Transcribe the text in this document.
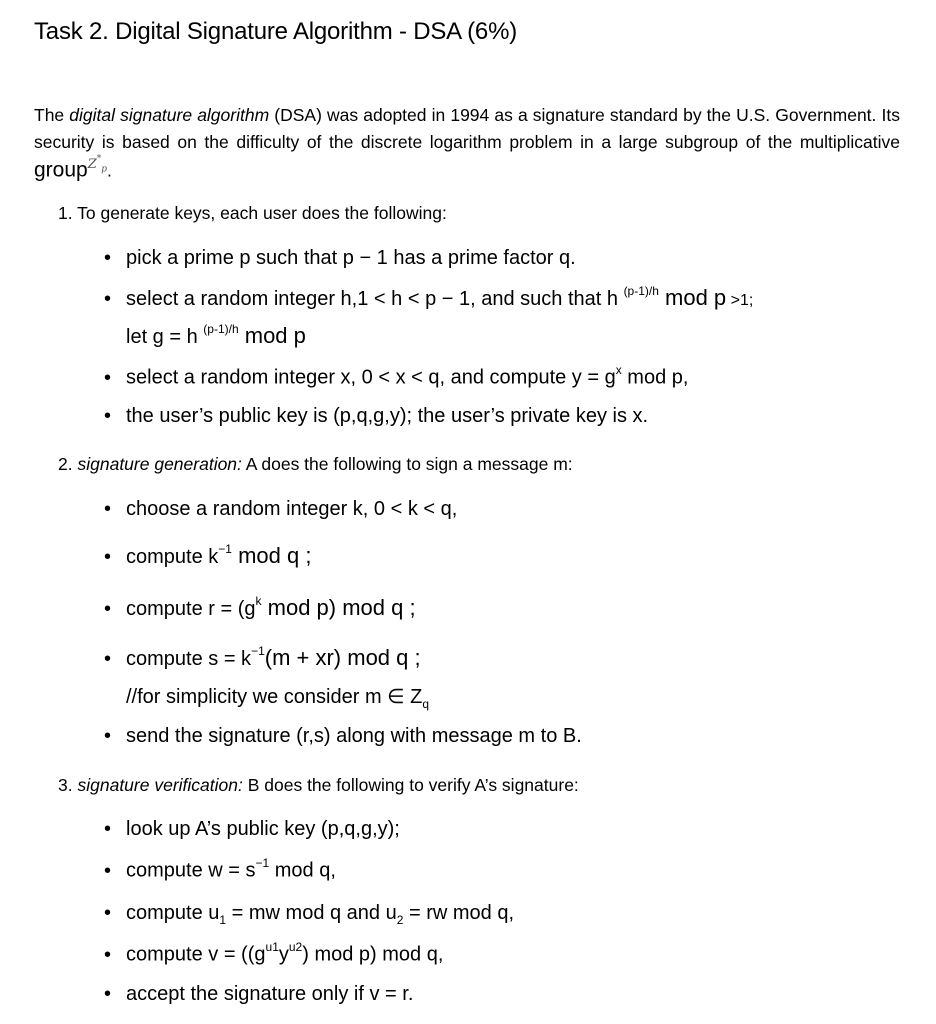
Task 2. Digital Signature Algorithm - DSA (6%)
The digital signature algorithm (DSA) was adopted in 1994 as a signature standard by the U.S. Government. Its security is based on the difficulty of the discrete logarithm problem in a large subgroup of the multiplicative group$^{Z^*_p}$.
1. To generate keys, each user does the following:
• pick a prime p such that p − 1 has a prime factor q.
• select a random integer h,1 < h < p − 1, and such that h $^{(p-1)/h}$ mod p >1;
let g = h $^{(p-1)/h}$ mod p
• select a random integer x, 0 < x < q, and compute $y = g^x$ mod p,
• the user’s public key is (p,q,g,y); the user’s private key is x.
2. signature generation: A does the following to sign a message m:
• choose a random integer k, 0 < k < q,
• compute $k^{-1}$ mod q ;
• compute $r = (g^k$ mod p) mod q ;
• compute $s = k^{-1}(m + xr)$ mod q ;
//for simplicity we consider m ∈ $Z_q$
• send the signature (r,s) along with message m to B.
3. signature verification: B does the following to verify A’s signature:
• look up A’s public key (p,q,g,y);
• compute $w = s^{-1}$ mod q,
• compute $u_1$ = mw mod q and $u_2$ = rw mod q,
• compute $v = ((g^{u1}y^{u2})$ mod p) mod q,
• accept the signature only if v = r.
